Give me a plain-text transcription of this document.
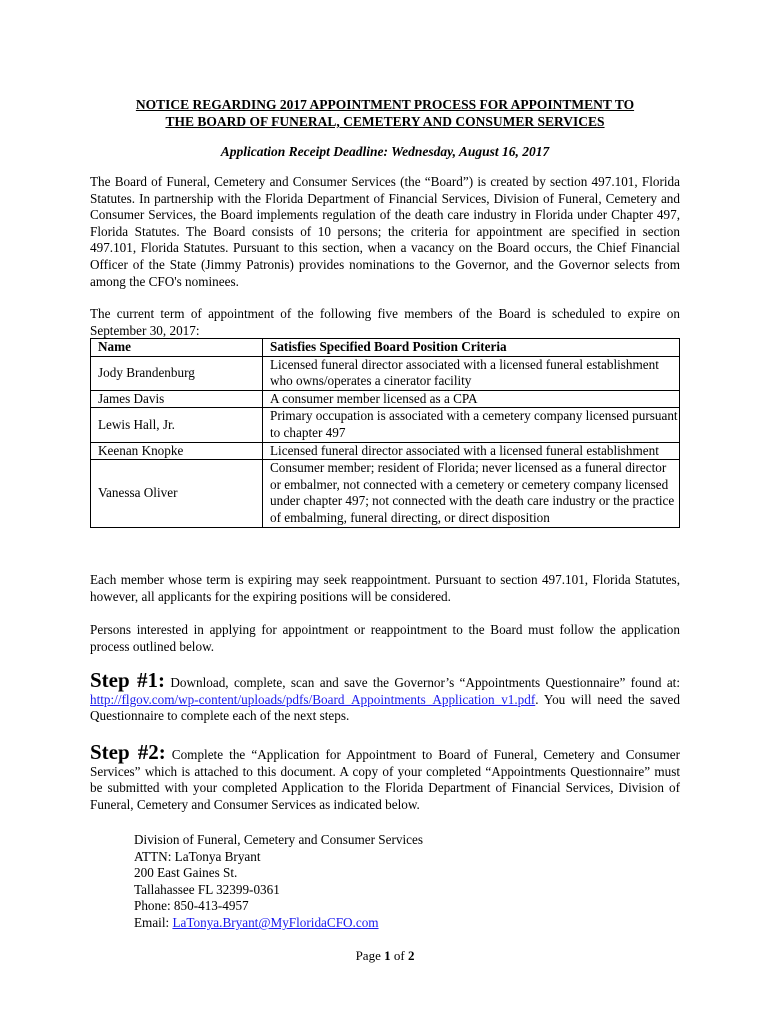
NOTICE REGARDING 2017 APPOINTMENT PROCESS FOR APPOINTMENT TO
THE BOARD OF FUNERAL, CEMETERY AND CONSUMER SERVICES
Application Receipt Deadline: Wednesday, August 16, 2017

The Board of Funeral, Cemetery and Consumer Services (the “Board”) is created by section 497.101, Florida Statutes. In partnership with the Florida Department of Financial Services, Division of Funeral, Cemetery and Consumer Services, the Board implements regulation of the death care industry in Florida under Chapter 497, Florida Statutes. The Board consists of 10 persons; the criteria for appointment are specified in section 497.101, Florida Statutes. Pursuant to this section, when a vacancy on the Board occurs, the Chief Financial Officer of the State (Jimmy Patronis) provides nominations to the Governor, and the Governor selects from among the CFO's nominees.

The current term of appointment of the following five members of the Board is scheduled to expire on September 30, 2017:

Name	Satisfies Specified Board Position Criteria
Jody Brandenburg	Licensed funeral director associated with a licensed funeral establishment who owns/operates a cinerator facility
James Davis	A consumer member licensed as a CPA
Lewis Hall, Jr.	Primary occupation is associated with a cemetery company licensed pursuant to chapter 497
Keenan Knopke	Licensed funeral director associated with a licensed funeral establishment
Vanessa Oliver	Consumer member; resident of Florida; never licensed as a funeral director or embalmer, not connected with a cemetery or cemetery company licensed under chapter 497; not connected with the death care industry or the practice of embalming, funeral directing, or direct disposition

Each member whose term is expiring may seek reappointment. Pursuant to section 497.101, Florida Statutes, however, all applicants for the expiring positions will be considered.

Persons interested in applying for appointment or reappointment to the Board must follow the application process outlined below.

Step #1: Download, complete, scan and save the Governor’s “Appointments Questionnaire” found at: http://flgov.com/wp-content/uploads/pdfs/Board_Appointments_Application_v1.pdf. You will need the saved Questionnaire to complete each of the next steps.

Step #2: Complete the “Application for Appointment to Board of Funeral, Cemetery and Consumer Services” which is attached to this document. A copy of your completed “Appointments Questionnaire” must be submitted with your completed Application to the Florida Department of Financial Services, Division of Funeral, Cemetery and Consumer Services as indicated below.

Division of Funeral, Cemetery and Consumer Services
ATTN: LaTonya Bryant
200 East Gaines St.
Tallahassee FL 32399-0361
Phone: 850-413-4957
Email: LaTonya.Bryant@MyFloridaCFO.com
Page 1 of 2
